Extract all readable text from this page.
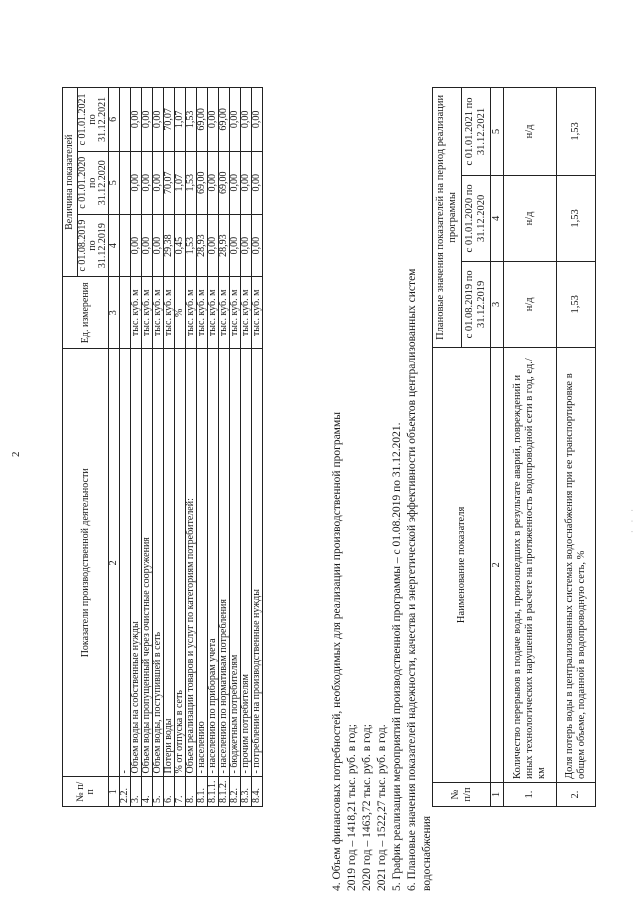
2
№ п/п	Показатели производственной деятельности	Ед. измерения	Величина показателей		
			с 01.08.2019 по 31.12.2019	с 01.01.2020 по 31.12.2020	с 01.01.2021 по 31.12.2021
1	2	3	4	5	6
2.2.	-				
3.	Объем воды на собственные нужды	тыс. куб. м	0,00	0,00	0,00
4.	Объем воды пропущенный через очистные сооружения	тыс. куб. м	0,00	0,00	0,00
5.	Объем воды, поступившей в сеть	тыс. куб. м	0,00	0,00	0,00
6.	Потери воды	тыс. куб. м	29,38	70,07	70,07
7.	% от отпуска в сеть	%	0,45	1,07	1,07
8.	Объем реализации товаров и услуг по категориям потребителей:	тыс. куб. м	1,53	1,53	1,53
8.1.	- населению	тыс. куб. м	28,93	69,00	69,00
8.1.1.	- населению по приборам учета	тыс. куб. м	0,00	0,00	0,00
8.1.2.	- населению по нормативам потребления	тыс. куб. м	28,93	69,00	69,00
8.2.	- бюджетным потребителям	тыс. куб. м	0,00	0,00	0,00
8.3.	- прочим потребителям	тыс. куб. м	0,00	0,00	0,00
8.4.	- потребление на производственные нужды	тыс. куб. м	0,00	0,00	0,00
4. Объем финансовых потребностей, необходимых для реализации производственной программы 2019 год – 1418,21 тыс. руб. в год; 2020 год – 1463,72 тыс. руб. в год; 2021 год – 1522,27 тыс. руб. в год. 5. График реализации мероприятий производственной программы – с 01.08.2019 по 31.12.2021. 6. Плановые значения показателей надежности, качества и энергетической эффективности объектов централизованных систем водоснабжения
№ п/п	Наименование показателя	Плановые значения показателей на период реализации программы		
		с 01.08.2019 по 31.12.2019	с 01.01.2020 по 31.12.2020	с 01.01.2021 по 31.12.2021
1	2	3	4	5
1.	Количество перерывов в подаче воды, произошедших в результате аварий, повреждений и иных технологических нарушений в расчете на протяженность водопроводной сети в год, ед./км	н/д	н/д	н/д
2.	Доля потерь воды в централизованных системах водоснабжения при ее транспортировке в общем объеме, поданной в водопроводную сеть, %	1,53	1,53	1,53
· · ·
